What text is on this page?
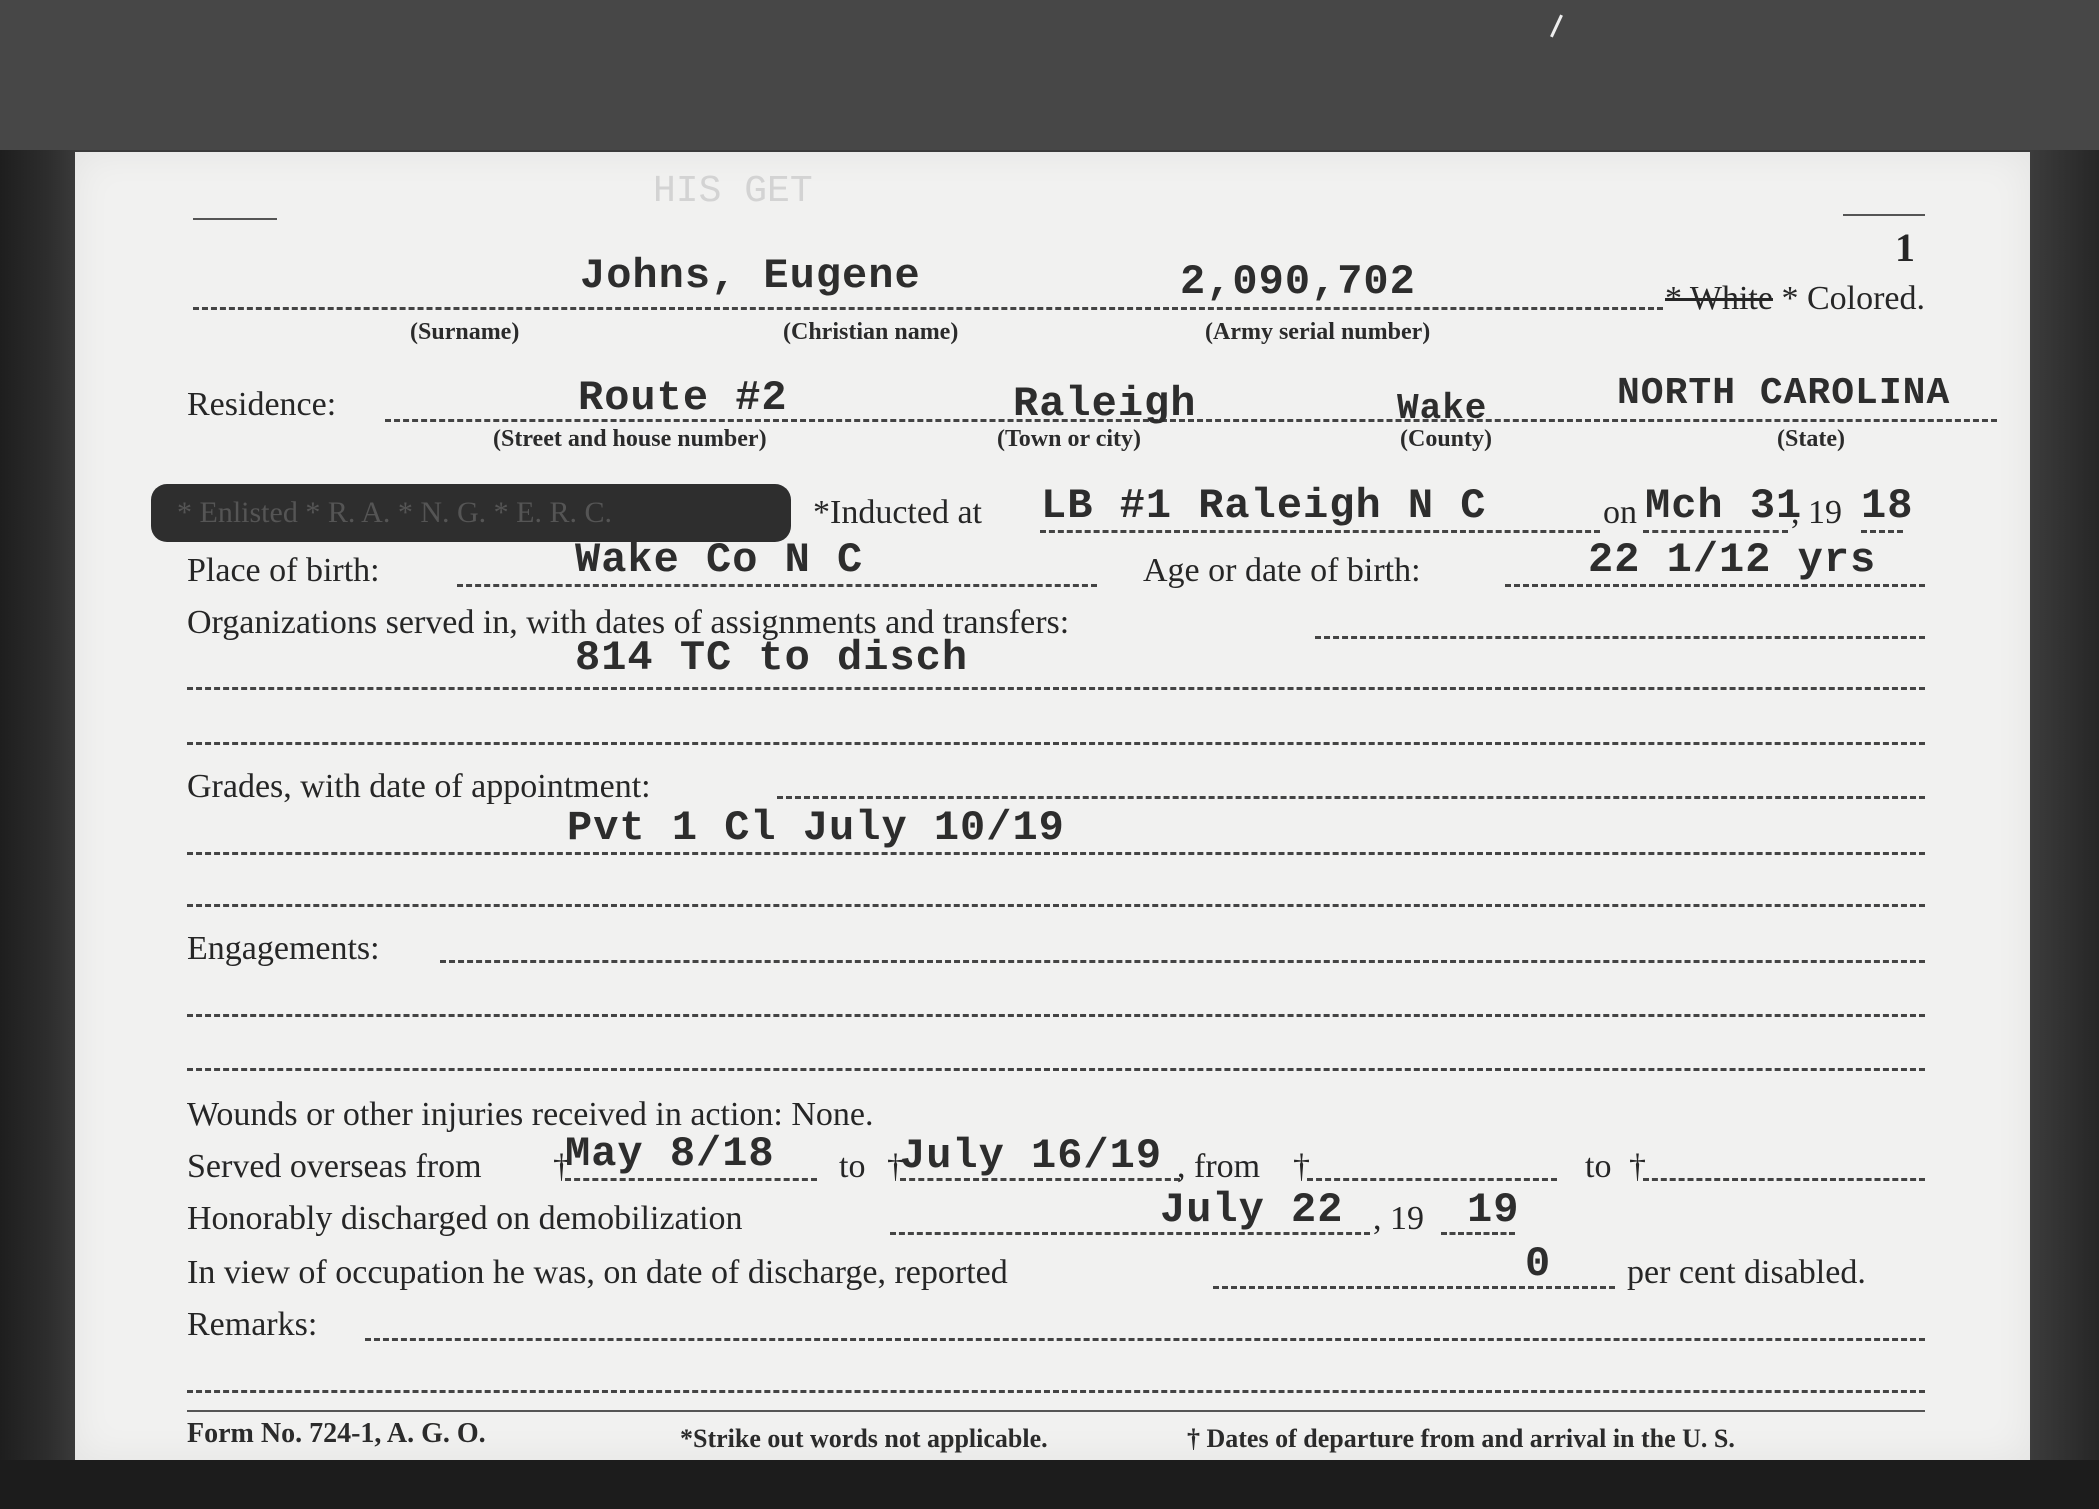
HIS GET
1
Johns, Eugene	2,090,702	* White * Colored.
(Surname)	(Christian name)	(Army serial number)
Residence:	Route #2	Raleigh	Wake	NORTH CAROLINA
(Street and house number)	(Town or city)	(County)	(State)
* Enlisted * R. A. * N. G. * E. R. C.	*Inducted at LB #1 Raleigh N C	on Mch 31
, 19 18
Place of birth:	Wake Co N C	Age or date of birth:	22 1/12 yrs
Organizations served in, with dates of assignments and transfers:
814 TC to disch
Grades, with date of appointment:
Pvt 1 Cl July 10/19
Engagements:
Wounds or other injuries received in action: None.
Served overseas from †
May 8/18 to †
July 16/19 , from †	to †
Honorably discharged on demobilization	July 22 , 19 19
In view of occupation he was, on date of discharge, reported	0 per cent disabled.
Remarks:
Form No. 724-1, A. G. O.	*Strike out words not applicable.	† Dates of departure from and arrival in the U. S.
